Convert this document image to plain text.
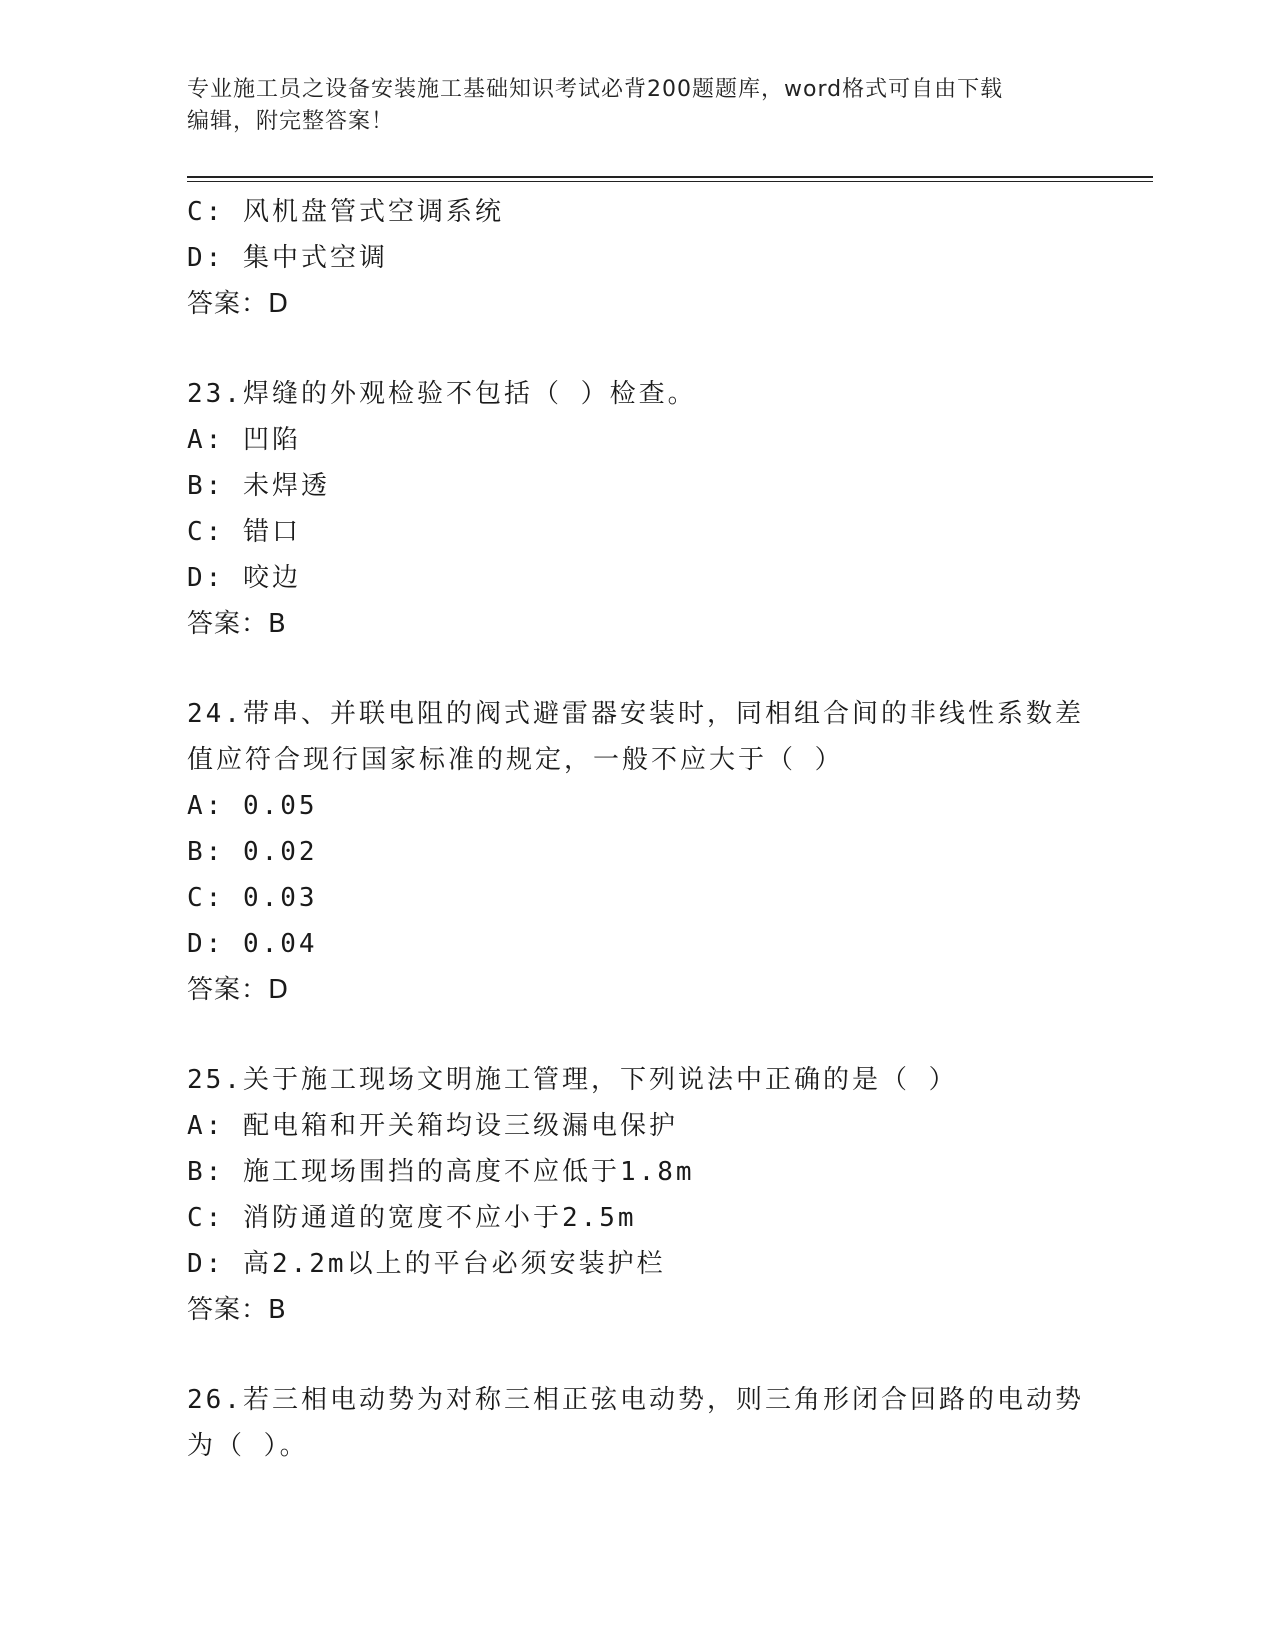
专业施工员之设备安装施工基础知识考试必背200题题库，word格式可自由下载
编辑，附完整答案！
C: 风机盘管式空调系统
D: 集中式空调
答案：D
23.焊缝的外观检验不包括（ ）检查。
A: 凹陷
B: 未焊透
C: 错口
D: 咬边
答案：B
24.带串、并联电阻的阀式避雷器安装时，同相组合间的非线性系数差
值应符合现行国家标准的规定，一般不应大于（ ）
A: 0.05
B: 0.02
C: 0.03
D: 0.04
答案：D
25.关于施工现场文明施工管理，下列说法中正确的是（ ）
A: 配电箱和开关箱均设三级漏电保护
B: 施工现场围挡的高度不应低于1.8m
C: 消防通道的宽度不应小于2.5m
D: 高2.2m以上的平台必须安装护栏
答案：B
26.若三相电动势为对称三相正弦电动势，则三角形闭合回路的电动势
为（ ）。
